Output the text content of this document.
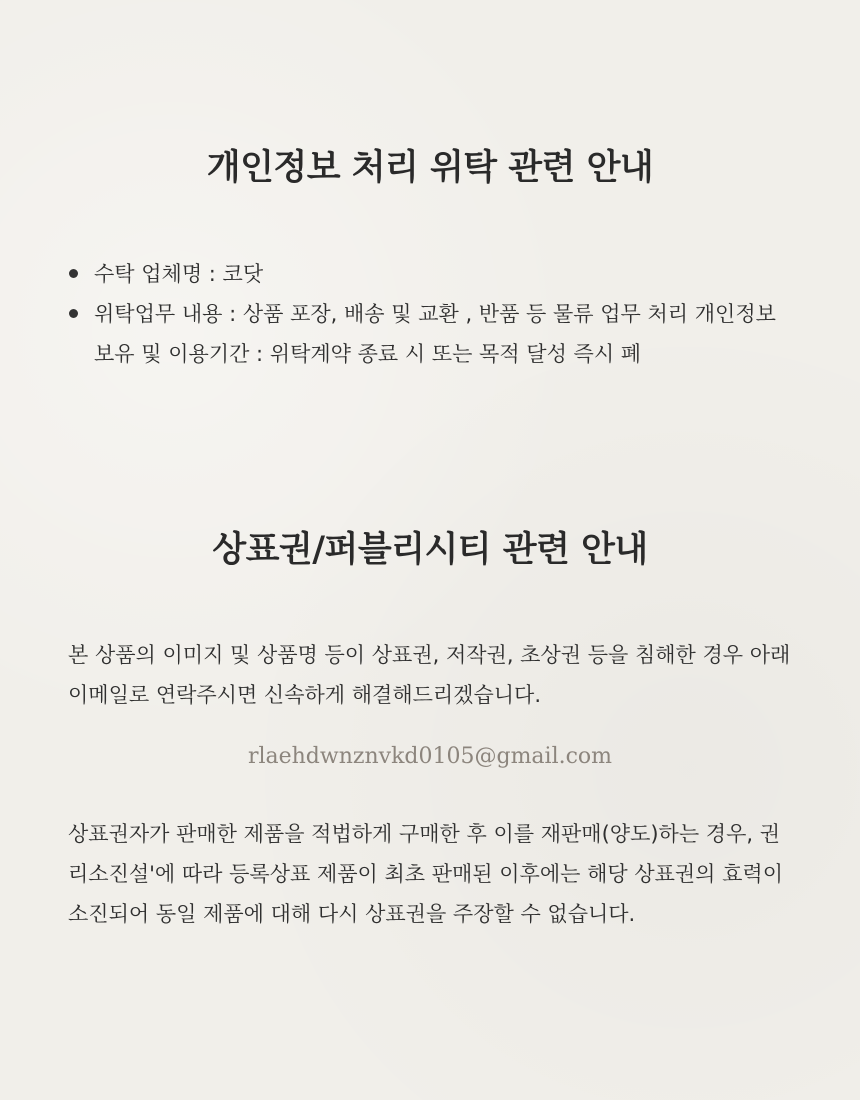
개인정보 처리 위탁 관련 안내
수탁 업체명 : 코닷
위탁업무 내용 : 상품 포장, 배송 및 교환 , 반품 등 물류 업무 처리 개인정보 보유 및 이용기간 : 위탁계약 종료 시 또는 목적 달성 즉시 폐
상표권/퍼블리시티 관련 안내

본 상품의 이미지 및 상품명 등이 상표권, 저작권, 초상권 등을 침해한 경우 아래 이메일로 연락주시면 신속하게 해결해드리겠습니다.

rlaehdwnznvkd0105@gmail.com

상표권자가 판매한 제품을 적법하게 구매한 후 이를 재판매(양도)하는 경우, 권리소진설'에 따라 등록상표 제품이 최초 판매된 이후에는 해당 상표권의 효력이 소진되어 동일 제품에 대해 다시 상표권을 주장할 수 없습니다.
